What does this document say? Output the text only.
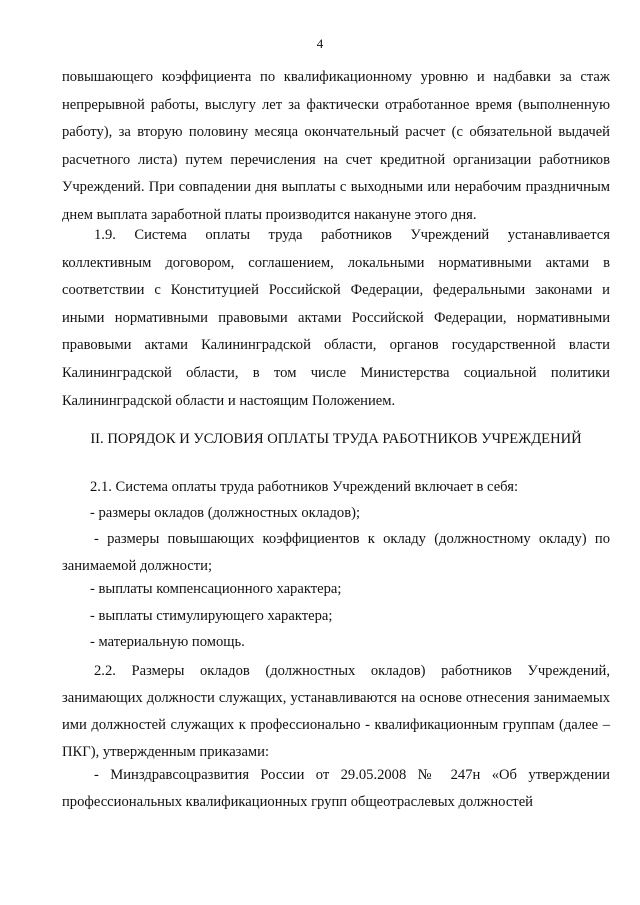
4
повышающего коэффициента по квалификационному уровню и надбавки за стаж непрерывной работы, выслугу лет за фактически отработанное время (выполненную работу), за вторую половину месяца окончательный расчет (с обязательной выдачей расчетного листа) путем перечисления на счет кредитной организации работников Учреждений. При совпадении дня выплаты с выходными или нерабочим праздничным днем выплата заработной платы производится накануне этого дня.
1.9. Система оплаты труда работников Учреждений устанавливается коллективным договором, соглашением, локальными нормативными актами в соответствии с Конституцией Российской Федерации, федеральными законами и иными нормативными правовыми актами Российской Федерации, нормативными правовыми актами Калининградской области, органов государственной власти Калининградской области, в том числе Министерства социальной политики Калининградской области и настоящим Положением.
II. ПОРЯДОК И УСЛОВИЯ ОПЛАТЫ ТРУДА РАБОТНИКОВ УЧРЕЖДЕНИЙ
2.1. Система оплаты труда работников Учреждений включает в себя:
- размеры окладов (должностных окладов);
- размеры повышающих коэффициентов к окладу (должностному окладу) по занимаемой должности;
- выплаты компенсационного характера;
- выплаты стимулирующего характера;
- материальную помощь.
2.2. Размеры окладов (должностных окладов) работников Учреждений, занимающих должности служащих, устанавливаются на основе отнесения занимаемых ими должностей служащих к профессионально - квалификационным группам (далее – ПКГ), утвержденным приказами:
- Минздравсоцразвития России от 29.05.2008 № 247н «Об утверждении профессиональных квалификационных групп общеотраслевых должностей
